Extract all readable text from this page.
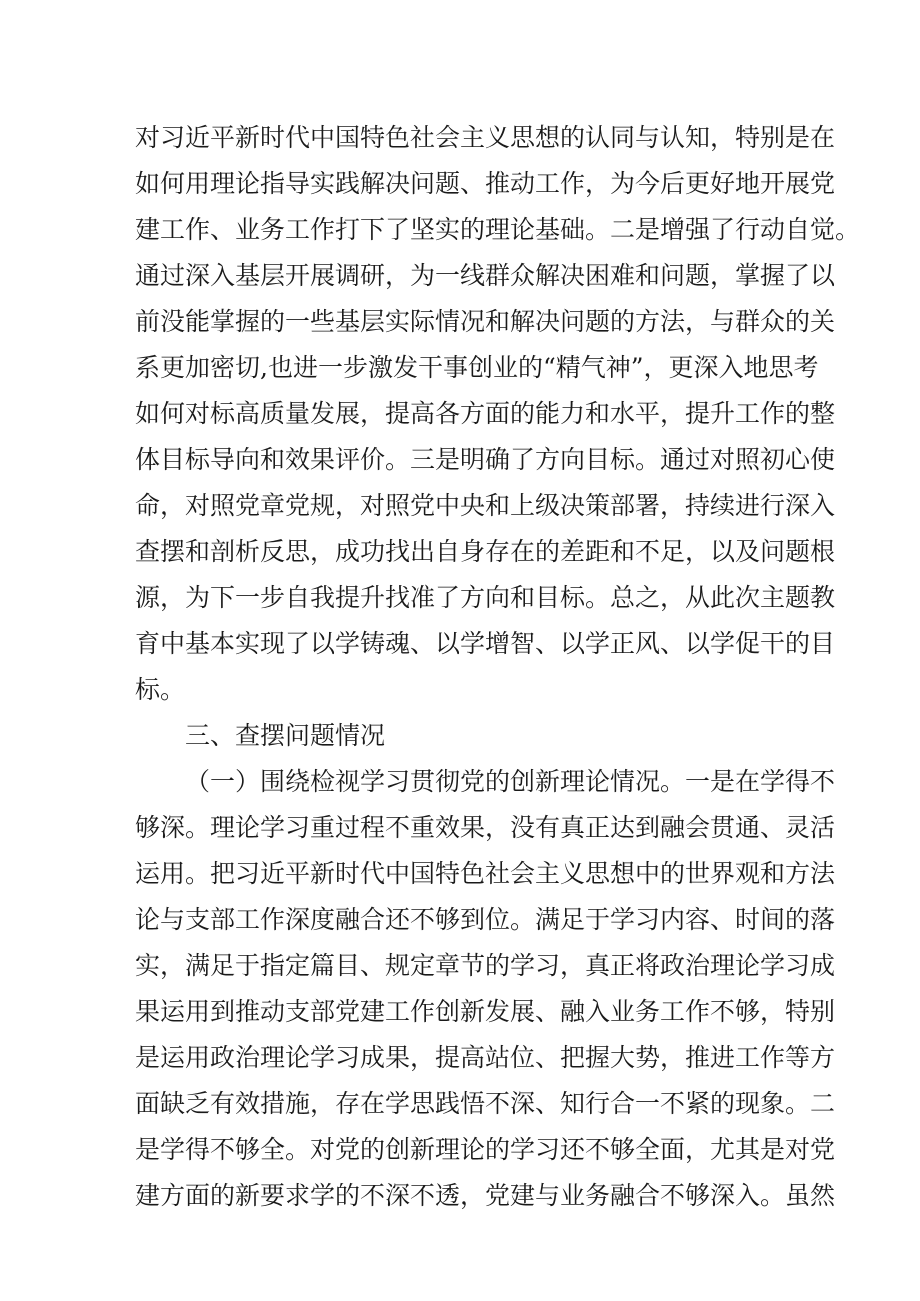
对习近平新时代中国特色社会主义思想的认同与认知，特别是在
如何用理论指导实践解决问题、推动工作，为今后更好地开展党
建工作、业务工作打下了坚实的理论基础。二是增强了行动自觉。
通过深入基层开展调研，为一线群众解决困难和问题，掌握了以
前没能掌握的一些基层实际情况和解决问题的方法，与群众的关
系更加密切,也进一步激发干事创业的“精气神”，更深入地思考
如何对标高质量发展，提高各方面的能力和水平，提升工作的整
体目标导向和效果评价。三是明确了方向目标。通过对照初心使
命，对照党章党规，对照党中央和上级决策部署，持续进行深入
查摆和剖析反思，成功找出自身存在的差距和不足，以及问题根
源，为下一步自我提升找准了方向和目标。总之，从此次主题教
育中基本实现了以学铸魂、以学增智、以学正风、以学促干的目
标。
三、查摆问题情况
（一）围绕检视学习贯彻党的创新理论情况。一是在学得不
够深。理论学习重过程不重效果，没有真正达到融会贯通、灵活
运用。把习近平新时代中国特色社会主义思想中的世界观和方法
论与支部工作深度融合还不够到位。满足于学习内容、时间的落
实，满足于指定篇目、规定章节的学习，真正将政治理论学习成
果运用到推动支部党建工作创新发展、融入业务工作不够，特别
是运用政治理论学习成果，提高站位、把握大势，推进工作等方
面缺乏有效措施，存在学思践悟不深、知行合一不紧的现象。二
是学得不够全。对党的创新理论的学习还不够全面，尤其是对党
建方面的新要求学的不深不透，党建与业务融合不够深入。虽然
